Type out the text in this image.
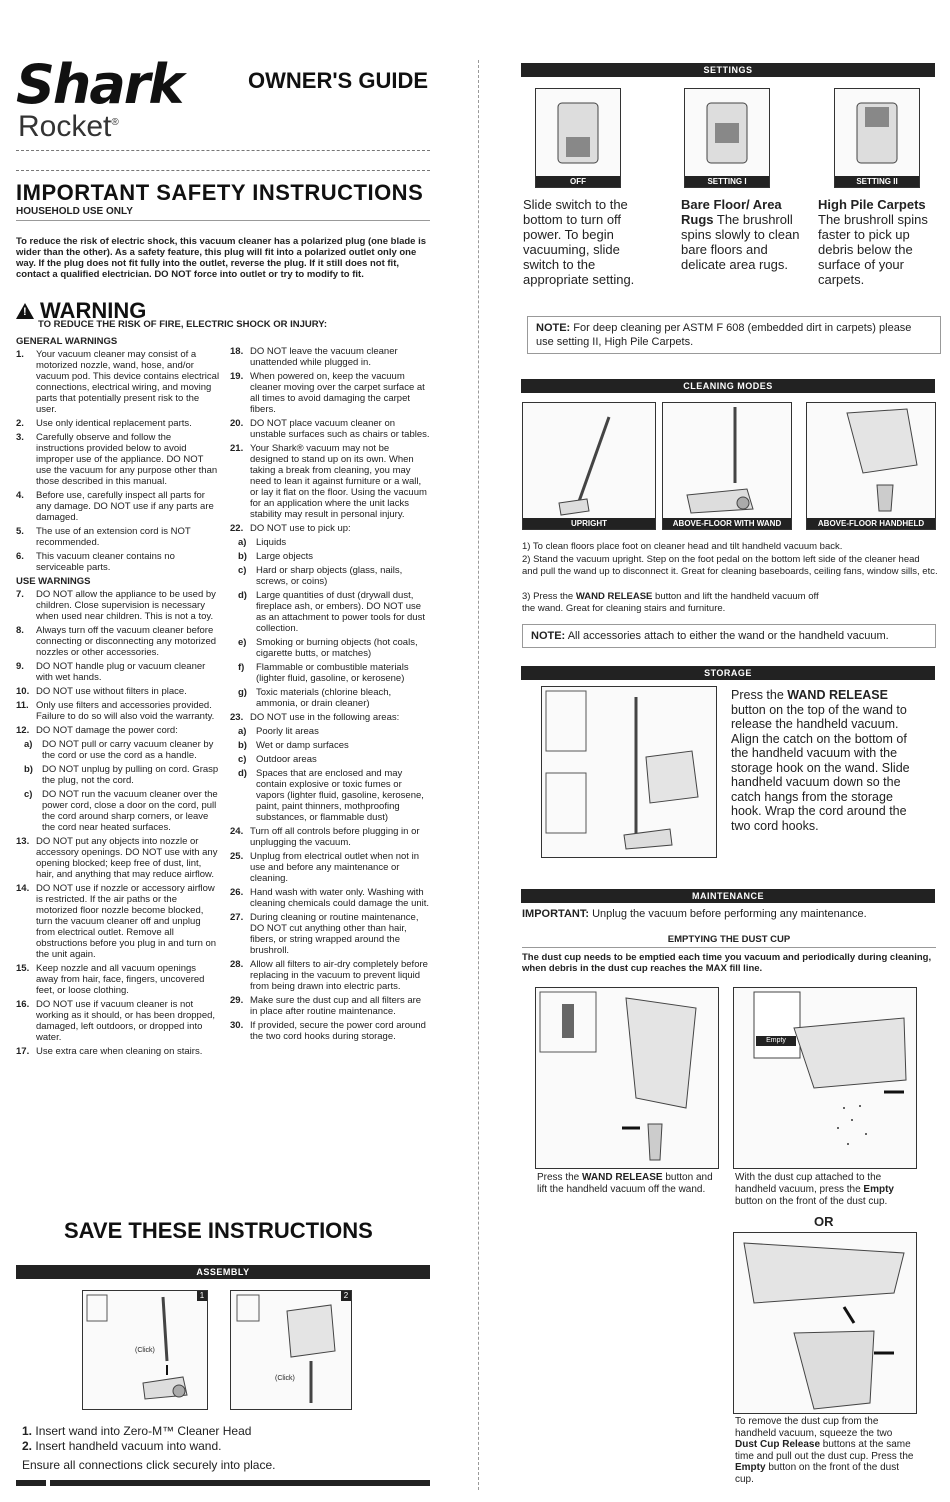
Shark
Rocket®
OWNER'S GUIDE
IMPORTANT SAFETY INSTRUCTIONS
HOUSEHOLD USE ONLY
To reduce the risk of electric shock, this vacuum cleaner has a polarized plug (one blade is wider than the other). As a safety feature, this plug will fit into a polarized outlet only one way. If the plug does not fit fully into the outlet, reverse the plug. If it still does not fit, contact a qualified electrician. DO NOT force into outlet or try to modify to fit.
! WARNING
TO REDUCE THE RISK OF FIRE, ELECTRIC SHOCK OR INJURY:
GENERAL WARNINGS
1.	Your vacuum cleaner may consist of a motorized nozzle, wand, hose, and/or vacuum pod. This device contains electrical connections, electrical wiring, and moving parts that potentially present risk to the user.
2.	Use only identical replacement parts.
3.	Carefully observe and follow the instructions provided below to avoid improper use of the appliance. DO NOT use the vacuum for any purpose other than those described in this manual.
4.	Before use, carefully inspect all parts for any damage. DO NOT use if any parts are damaged.
5.	The use of an extension cord is NOT recommended.
6.	This vacuum cleaner contains no serviceable parts.
USE WARNINGS
7.	DO NOT allow the appliance to be used by children. Close supervision is necessary when used near children. This is not a toy.
8.	Always turn off the vacuum cleaner before connecting or disconnecting any motorized nozzles or other accessories.
9.	DO NOT handle plug or vacuum cleaner with wet hands.
10. DO NOT use without filters in place.
11. Only use filters and accessories provided. Failure to do so will also void the warranty.
12. DO NOT damage the power cord:
a)	DO NOT pull or carry vacuum cleaner by the cord or use the cord as a handle.
b) DO NOT unplug by pulling on cord. Grasp the plug, not the cord.
c)	DO NOT run the vacuum cleaner over the power cord, close a door on the cord, pull the cord around sharp corners, or leave the cord near heated surfaces.
13. DO NOT put any objects into nozzle or accessory openings. DO NOT use with any opening blocked; keep free of dust, lint, hair, and anything that may reduce airflow.
14. DO NOT use if nozzle or accessory airflow is restricted. If the air paths or the motorized floor nozzle become blocked, turn the vacuum cleaner off and unplug from electrical outlet. Remove all obstructions before you plug in and turn on the unit again.
15. Keep nozzle and all vacuum openings away from hair, face, fingers, uncovered feet, or loose clothing.
16. DO NOT use if vacuum cleaner is not working as it should, or has been dropped, damaged, left outdoors, or dropped into water.
17. Use extra care when cleaning on stairs.
18. DO NOT leave the vacuum cleaner unattended while plugged in.
19. When powered on, keep the vacuum cleaner moving over the carpet surface at all times to avoid damaging the carpet fibers.
20. DO NOT place vacuum cleaner on unstable surfaces such as chairs or tables.
21. Your Shark® vacuum may not be designed to stand up on its own. When taking a break from cleaning, you may need to lean it against furniture or a wall, or lay it flat on the floor. Using the vacuum for an application where the unit lacks stability may result in personal injury.
22. DO NOT use to pick up:
a)	Liquids
b) Large objects
c)	Hard or sharp objects (glass, nails, screws, or coins)
d) Large quantities of dust (drywall dust, fireplace ash, or embers). DO NOT use as an attachment to power tools for dust collection.
e)	Smoking or burning objects (hot coals, cigarette butts, or matches)
f)	Flammable or combustible materials (lighter fluid, gasoline, or kerosene)
g) Toxic materials (chlorine bleach, ammonia, or drain cleaner)
23. DO NOT use in the following areas:
a)	Poorly lit areas
b) Wet or damp surfaces
c)	Outdoor areas
d) Spaces that are enclosed and may contain explosive or toxic fumes or vapors (lighter fluid, gasoline, kerosene, paint, paint thinners, mothproofing substances, or flammable dust)
24. Turn off all controls before plugging in or unplugging the vacuum.
25. Unplug from electrical outlet when not in use and before any maintenance or cleaning.
26. Hand wash with water only. Washing with cleaning chemicals could damage the unit.
27. During cleaning or routine maintenance, DO NOT cut anything other than hair, fibers, or string wrapped around the brushroll.
28. Allow all filters to air-dry completely before replacing in the vacuum to prevent liquid from being drawn into electric parts.
29. Make sure the dust cup and all filters are in place after routine maintenance.
30. If provided, secure the power cord around the two cord hooks during storage.
SAVE THESE INSTRUCTIONS
ASSEMBLY
(Click)
1
(Click)
2
1. Insert wand into Zero-M™ Cleaner Head
2. Insert handheld vacuum into wand.
Ensure all connections click securely into place.
SETTINGS
OFF	SETTING I	SETTING II
Slide switch to the bottom to turn off power. To begin vacuuming, slide switch to the appropriate setting.
Bare Floor/ Area Rugs The brushroll spins slowly to clean bare floors and delicate area rugs.
High Pile Carpets
The brushroll spins faster to pick up debris below the surface of your carpets.
NOTE: For deep cleaning per ASTM F 608 (embedded dirt in carpets) please use setting II, High Pile Carpets.
CLEANING MODES
UPRIGHT	ABOVE-FLOOR WITH WAND	ABOVE-FLOOR HANDHELD
1) To clean floors place foot on cleaner head and tilt handheld vacuum back.
2) Stand the vacuum upright. Step on the foot pedal on the bottom left side of the cleaner head and pull the wand up to disconnect it. Great for cleaning baseboards, ceiling fans, window sills, etc.
3) Press the WAND RELEASE button and lift the handheld vacuum off the wand. Great for cleaning stairs and furniture.
NOTE: All accessories attach to either the wand or the handheld vacuum.
STORAGE
Press the WAND RELEASE button on the top of the wand to release the handheld vacuum. Align the catch on the bottom of the handheld vacuum with the storage hook on the wand. Slide handheld vacuum down so the catch hangs from the storage hook. Wrap the cord around the two cord hooks.
MAINTENANCE
IMPORTANT: Unplug the vacuum before performing any maintenance.
EMPTYING THE DUST CUP
The dust cup needs to be emptied each time you vacuum and periodically during cleaning, when debris in the dust cup reaches the MAX fill line.
Empty
Press the WAND RELEASE button and lift the handheld vacuum off the wand.
With the dust cup attached to the handheld vacuum, press the Empty button on the front of the dust cup.
OR
To remove the dust cup from the handheld vacuum, squeeze the two Dust Cup Release buttons at the same time and pull out the dust cup. Press the Empty button on the front of the dust cup.
